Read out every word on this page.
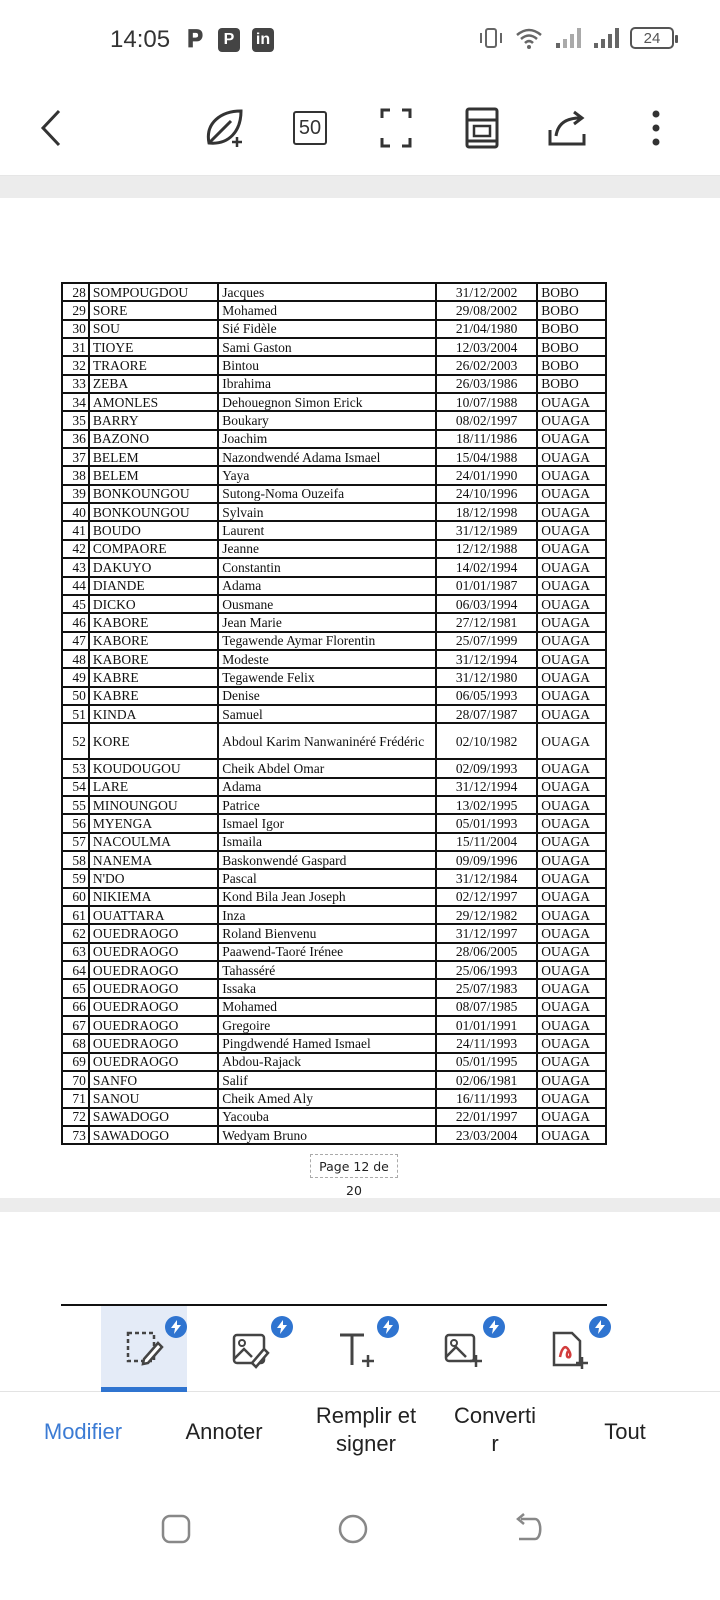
14:05 𝐏	P	in	24
50
28	SOMPOUGDOU	Jacques	31/12/2002	BOBO
29	SORE	Mohamed	29/08/2002	BOBO
30	SOU	Sié Fidèle	21/04/1980	BOBO
31	TIOYE	Sami Gaston	12/03/2004	BOBO
32	TRAORE	Bintou	26/02/2003	BOBO
33	ZEBA	Ibrahima	26/03/1986	BOBO
34	AMONLES	Dehouegnon Simon Erick	10/07/1988	OUAGA
35	BARRY	Boukary	08/02/1997	OUAGA
36	BAZONO	Joachim	18/11/1986	OUAGA
37	BELEM	Nazondwendé Adama Ismael	15/04/1988	OUAGA
38	BELEM	Yaya	24/01/1990	OUAGA
39	BONKOUNGOU	Sutong-Noma Ouzeifa	24/10/1996	OUAGA
40	BONKOUNGOU	Sylvain	18/12/1998	OUAGA
41	BOUDO	Laurent	31/12/1989	OUAGA
42	COMPAORE	Jeanne	12/12/1988	OUAGA
43	DAKUYO	Constantin	14/02/1994	OUAGA
44	DIANDE	Adama	01/01/1987	OUAGA
45	DICKO	Ousmane	06/03/1994	OUAGA
46	KABORE	Jean Marie	27/12/1981	OUAGA
47	KABORE	Tegawende Aymar Florentin	25/07/1999	OUAGA
48	KABORE	Modeste	31/12/1994	OUAGA
49	KABRE	Tegawende Felix	31/12/1980	OUAGA
50	KABRE	Denise	06/05/1993	OUAGA
51	KINDA	Samuel	28/07/1987	OUAGA
52	KORE	Abdoul Karim Nanwaninéré Frédéric	02/10/1982	OUAGA
53	KOUDOUGOU	Cheik Abdel Omar	02/09/1993	OUAGA
54	LARE	Adama	31/12/1994	OUAGA
55	MINOUNGOU	Patrice	13/02/1995	OUAGA
56	MYENGA	Ismael Igor	05/01/1993	OUAGA
57	NACOULMA	Ismaila	15/11/2004	OUAGA
58	NANEMA	Baskonwendé Gaspard	09/09/1996	OUAGA
59	N'DO	Pascal	31/12/1984	OUAGA
60	NIKIEMA	Kond Bila Jean Joseph	02/12/1997	OUAGA
61	OUATTARA	Inza	29/12/1982	OUAGA
62	OUEDRAOGO	Roland Bienvenu	31/12/1997	OUAGA
63	OUEDRAOGO	Paawend-Taoré Irénee	28/06/2005	OUAGA
64	OUEDRAOGO	Tahasséré	25/06/1993	OUAGA
65	OUEDRAOGO	Issaka	25/07/1983	OUAGA
66	OUEDRAOGO	Mohamed	08/07/1985	OUAGA
67	OUEDRAOGO	Gregoire	01/01/1991	OUAGA
68	OUEDRAOGO	Pingdwendé Hamed Ismael	24/11/1993	OUAGA
69	OUEDRAOGO	Abdou-Rajack	05/01/1995	OUAGA
70	SANFO	Salif	02/06/1981	OUAGA
71	SANOU	Cheik Amed Aly	16/11/1993	OUAGA
72	SAWADOGO	Yacouba	22/01/1997	OUAGA
73	SAWADOGO	Wedyam Bruno	23/03/2004	OUAGA
Page 12 de 20

Modifier	Annoter
Remplir et
signer
Converti
r	Tout
